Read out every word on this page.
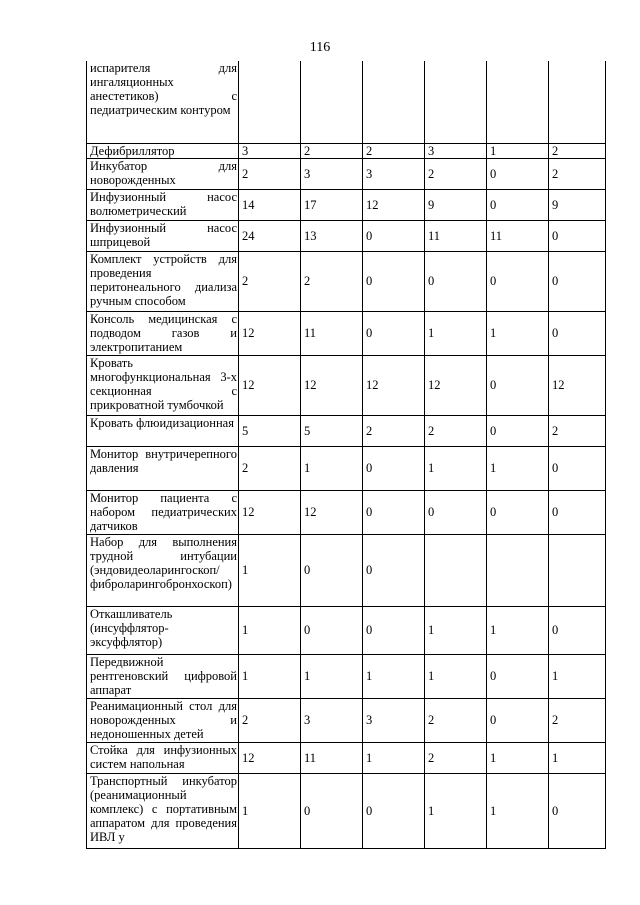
116
испарителя для ингаляционных анестетиков) с педиатрическим контуром						
Дефибриллятор	3	2	2	3	1	2
Инкубатор для новорожденных	2	3	3	2	0	2
Инфузионный насос волюметрический	14	17	12	9	0	9
Инфузионный насос шприцевой	24	13	0	11	11	0
Комплект устройств для проведения перитонеального диализа ручным способом	2	2	0	0	0	0
Консоль медицинская с подводом газов и электропитанием	12	11	0	1	1	0
Кровать многофункциональная 3-х секционная с прикроватной тумбочкой	12	12	12	12	0	12
Кровать флюидизационная	5	5	2	2	0	2
Монитор внутричерепного давления	2	1	0	1	1	0
Монитор пациента с набором педиатрических датчиков	12	12	0	0	0	0
Набор для выполнения трудной интубации (эндовидеоларингоскоп/ фиброларингобронхоскоп)	1	0	0			
Откашливатель (инсуффлятор-эксуффлятор)	1	0	0	1	1	0
Передвижной рентгеновский цифровой аппарат	1	1	1	1	0	1
Реанимационный стол для новорожденных и недоношенных детей	2	3	3	2	0	2
Стойка для инфузионных систем напольная	12	11	1	2	1	1
Транспортный инкубатор (реанимационный комплекс) с портативным аппаратом для проведения ИВЛ у	1	0	0	1	1	0
